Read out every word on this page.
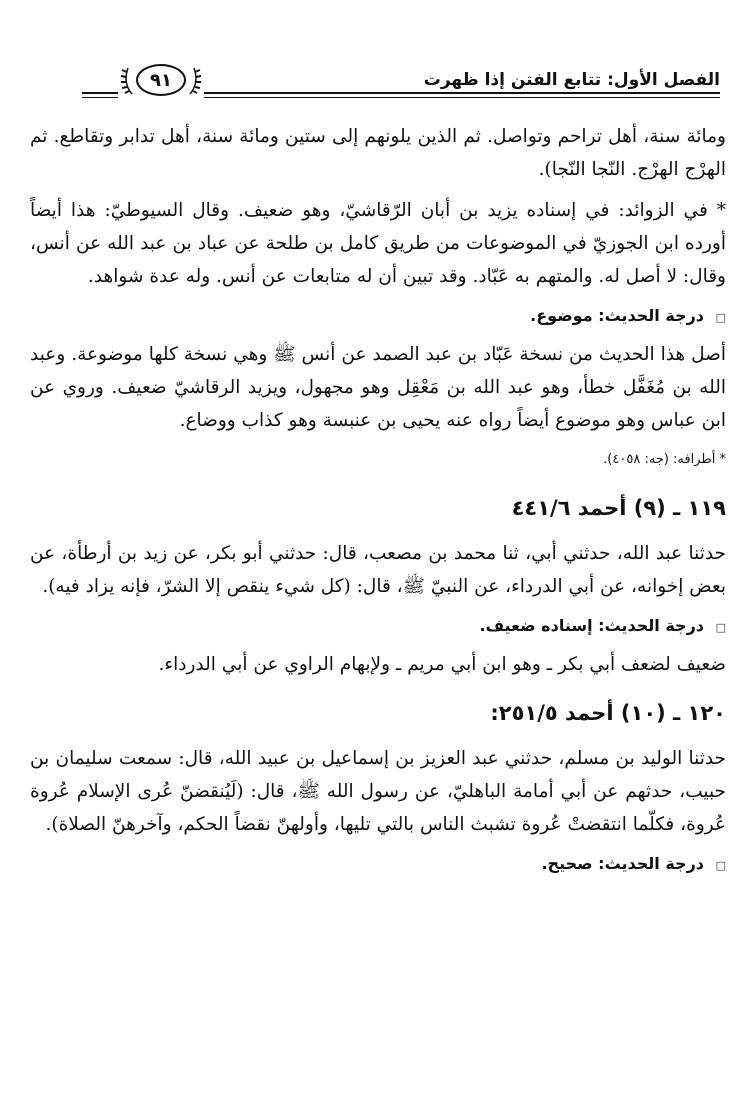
الفصل الأول: تتابع الفتن إذا ظهرت
٩١

ومائة سنة، أهل تراحم وتواصل. ثم الذين يلونهم إلى ستين ومائة سنة، أهل تدابر وتقاطع. ثم الهرْج الهرْج. النّجا النّجا).

* في الزوائد: في إسناده يزيد بن أبان الرّقاشيّ، وهو ضعيف. وقال السيوطيّ: هذا أيضاً أورده ابن الجوزيّ في الموضوعات من طريق كامل بن طلحة عن عباد بن عبد الله عن أنس، وقال: لا أصل له. والمتهم به عَبّاد. وقد تبين أن له متابعات عن أنس. وله عدة شواهد.

□ درجة الحديث: موضوع.

أصل هذا الحديث من نسخة عَبّاد بن عبد الصمد عن أنس ﷺ وهي نسخة كلها موضوعة. وعبد الله بن مُغَفَّل خطأ، وهو عبد الله بن مَعْقِل وهو مجهول، ويزيد الرقاشيّ ضعيف. وروي عن ابن عباس وهو موضوع أيضاً رواه عنه يحيى بن عنبسة وهو كذاب ووضاع.

* أطرافه: (جه: ٤٠٥٨).
١١٩ ـ (٩) أحمد ٤٤١/٦

حدثنا عبد الله، حدثني أبي، ثنا محمد بن مصعب، قال: حدثني أبو بكر، عن زيد بن أرطأة، عن بعض إخوانه، عن أبي الدرداء، عن النبيّ ﷺ، قال: (كل شيء ينقص إلا الشرّ، فإنه يزاد فيه).

□ درجة الحديث: إسناده ضعيف.

ضعيف لضعف أبي بكر ـ وهو ابن أبي مريم ـ ولإبهام الراوي عن أبي الدرداء.

١٢٠ ـ (١٠) أحمد ٢٥١/٥:

حدثنا الوليد بن مسلم، حدثني عبد العزيز بن إسماعيل بن عبيد الله، قال: سمعت سليمان بن حبيب، حدثهم عن أبي أمامة الباهليّ، عن رسول الله ﷺ، قال: (لَيُنقضنّ عُرى الإسلام عُروة عُروة، فكلّما انتقضتْ عُروة تشبث الناس بالتي تليها، وأولهنّ نقضاً الحكم، وآخرهنّ الصلاة).

□ درجة الحديث: صحيح.
